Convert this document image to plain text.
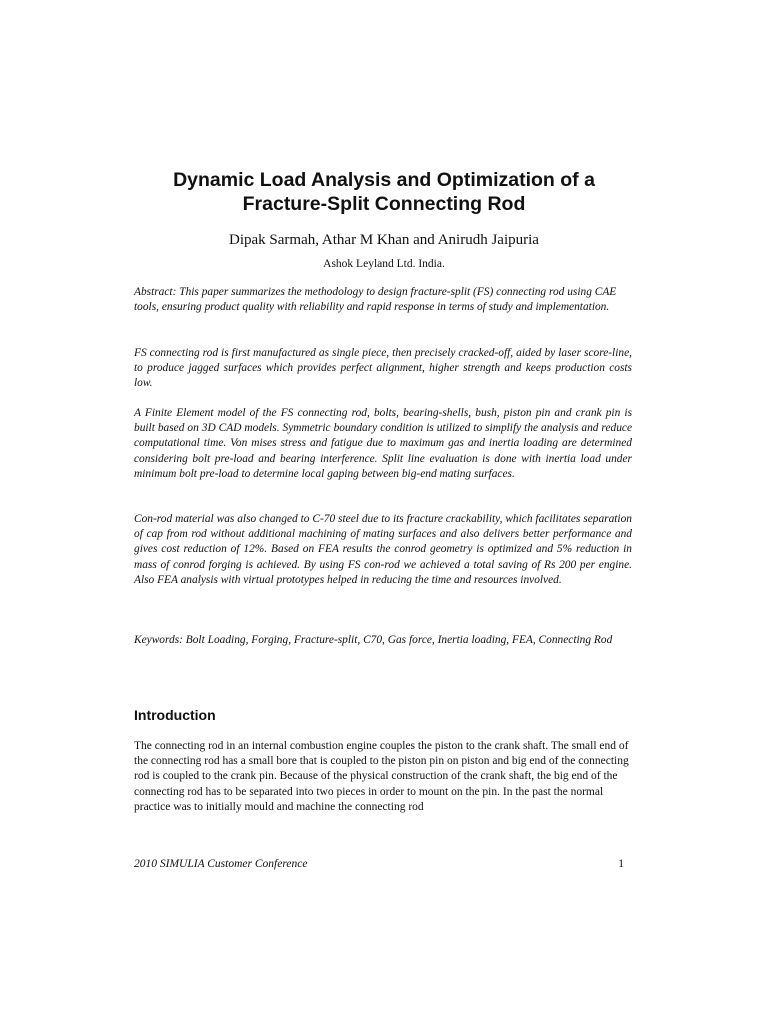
Dynamic Load Analysis and Optimization of a
Fracture-Split Connecting Rod
Dipak Sarmah, Athar M Khan and Anirudh Jaipuria
Ashok Leyland Ltd. India.

Abstract: This paper summarizes the methodology to design fracture-split (FS) connecting rod using CAE tools, ensuring product quality with reliability and rapid response in terms of study and implementation.

FS connecting rod is first manufactured as single piece, then precisely cracked-off, aided by laser score-line, to produce jagged surfaces which provides perfect alignment, higher strength and keeps production costs low.

A Finite Element model of the FS connecting rod, bolts, bearing-shells, bush, piston pin and crank pin is built based on 3D CAD models. Symmetric boundary condition is utilized to simplify the analysis and reduce computational time. Von mises stress and fatigue due to maximum gas and inertia loading are determined considering bolt pre-load and bearing interference. Split line evaluation is done with inertia load under minimum bolt pre-load to determine local gaping between big-end mating surfaces.

Con-rod material was also changed to C-70 steel due to its fracture crackability, which facilitates separation of cap from rod without additional machining of mating surfaces and also delivers better performance and gives cost reduction of 12%. Based on FEA results the conrod geometry is optimized and 5% reduction in mass of conrod forging is achieved. By using FS con-rod we achieved a total saving of Rs 200 per engine. Also FEA analysis with virtual prototypes helped in reducing the time and resources involved.

Keywords: Bolt Loading, Forging, Fracture-split, C70, Gas force, Inertia loading, FEA, Connecting Rod

Introduction

The connecting rod in an internal combustion engine couples the piston to the crank shaft. The small end of the connecting rod has a small bore that is coupled to the piston pin on piston and big end of the connecting rod is coupled to the crank pin. Because of the physical construction of the crank shaft, the big end of the connecting rod has to be separated into two pieces in order to mount on the pin. In the past the normal practice was to initially mould and machine the connecting rod

2010 SIMULIA Customer Conference	1
